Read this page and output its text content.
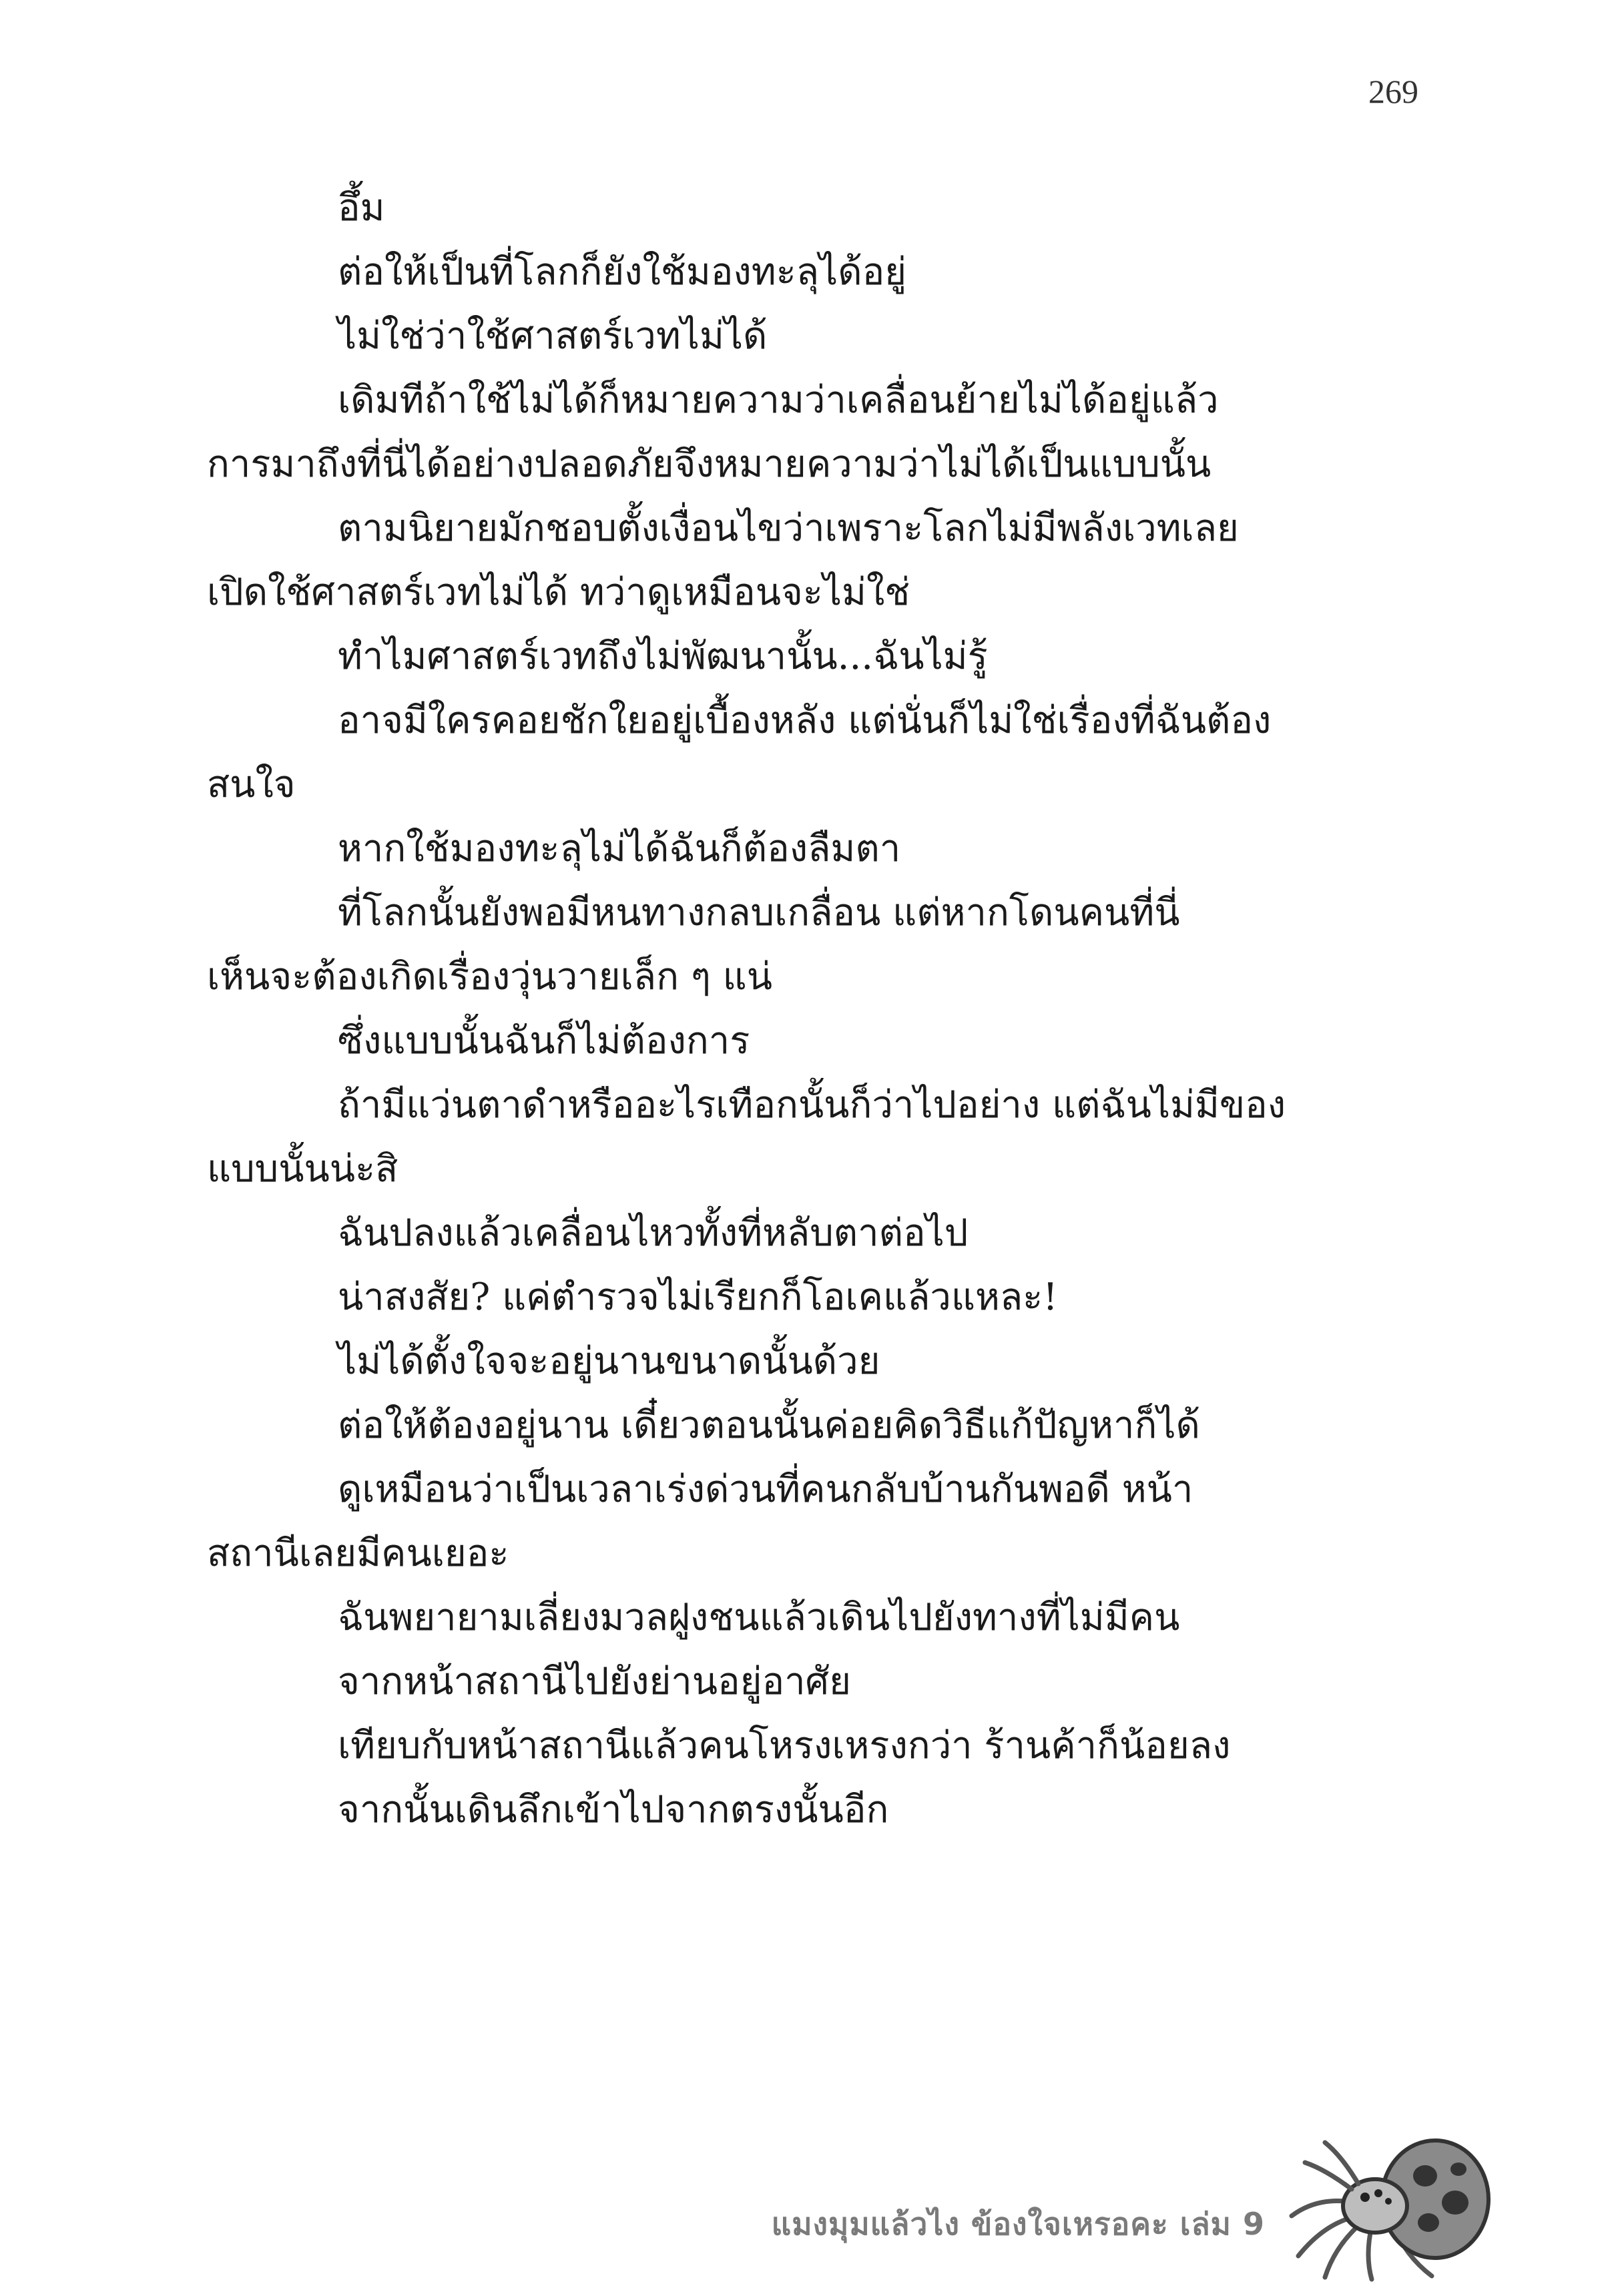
269
อึ้ม
ต่อให้เป็นที่โลกก็ยังใช้มองทะลุได้อยู่
ไม่ใช่ว่าใช้ศาสตร์เวทไม่ได้
เดิมทีถ้าใช้ไม่ได้ก็หมายความว่าเคลื่อนย้ายไม่ได้อยู่แล้ว
การมาถึงที่นี่ได้อย่างปลอดภัยจึงหมายความว่าไม่ได้เป็นแบบนั้น
ตามนิยายมักชอบตั้งเงื่อนไขว่าเพราะโลกไม่มีพลังเวทเลย
เปิดใช้ศาสตร์เวทไม่ได้ ทว่าดูเหมือนจะไม่ใช่
ทำไมศาสตร์เวทถึงไม่พัฒนานั้น...ฉันไม่รู้
อาจมีใครคอยชักใยอยู่เบื้องหลัง แต่นั่นก็ไม่ใช่เรื่องที่ฉันต้อง
สนใจ
หากใช้มองทะลุไม่ได้ฉันก็ต้องลืมตา
ที่โลกนั้นยังพอมีหนทางกลบเกลื่อน แต่หากโดนคนที่นี่
เห็นจะต้องเกิดเรื่องวุ่นวายเล็ก ๆ แน่
ซึ่งแบบนั้นฉันก็ไม่ต้องการ
ถ้ามีแว่นตาดำหรืออะไรเทือกนั้นก็ว่าไปอย่าง แต่ฉันไม่มีของ
แบบนั้นน่ะสิ
ฉันปลงแล้วเคลื่อนไหวทั้งที่หลับตาต่อไป
น่าสงสัย? แค่ตำรวจไม่เรียกก็โอเคแล้วแหละ!
ไม่ได้ตั้งใจจะอยู่นานขนาดนั้นด้วย
ต่อให้ต้องอยู่นาน เดี๋ยวตอนนั้นค่อยคิดวิธีแก้ปัญหาก็ได้
ดูเหมือนว่าเป็นเวลาเร่งด่วนที่คนกลับบ้านกันพอดี หน้า
สถานีเลยมีคนเยอะ
ฉันพยายามเลี่ยงมวลฝูงชนแล้วเดินไปยังทางที่ไม่มีคน
จากหน้าสถานีไปยังย่านอยู่อาศัย
เทียบกับหน้าสถานีแล้วคนโหรงเหรงกว่า ร้านค้าก็น้อยลง
จากนั้นเดินลึกเข้าไปจากตรงนั้นอีก
แมงมุมแล้วไง ข้องใจเหรอคะ เล่ม 9
